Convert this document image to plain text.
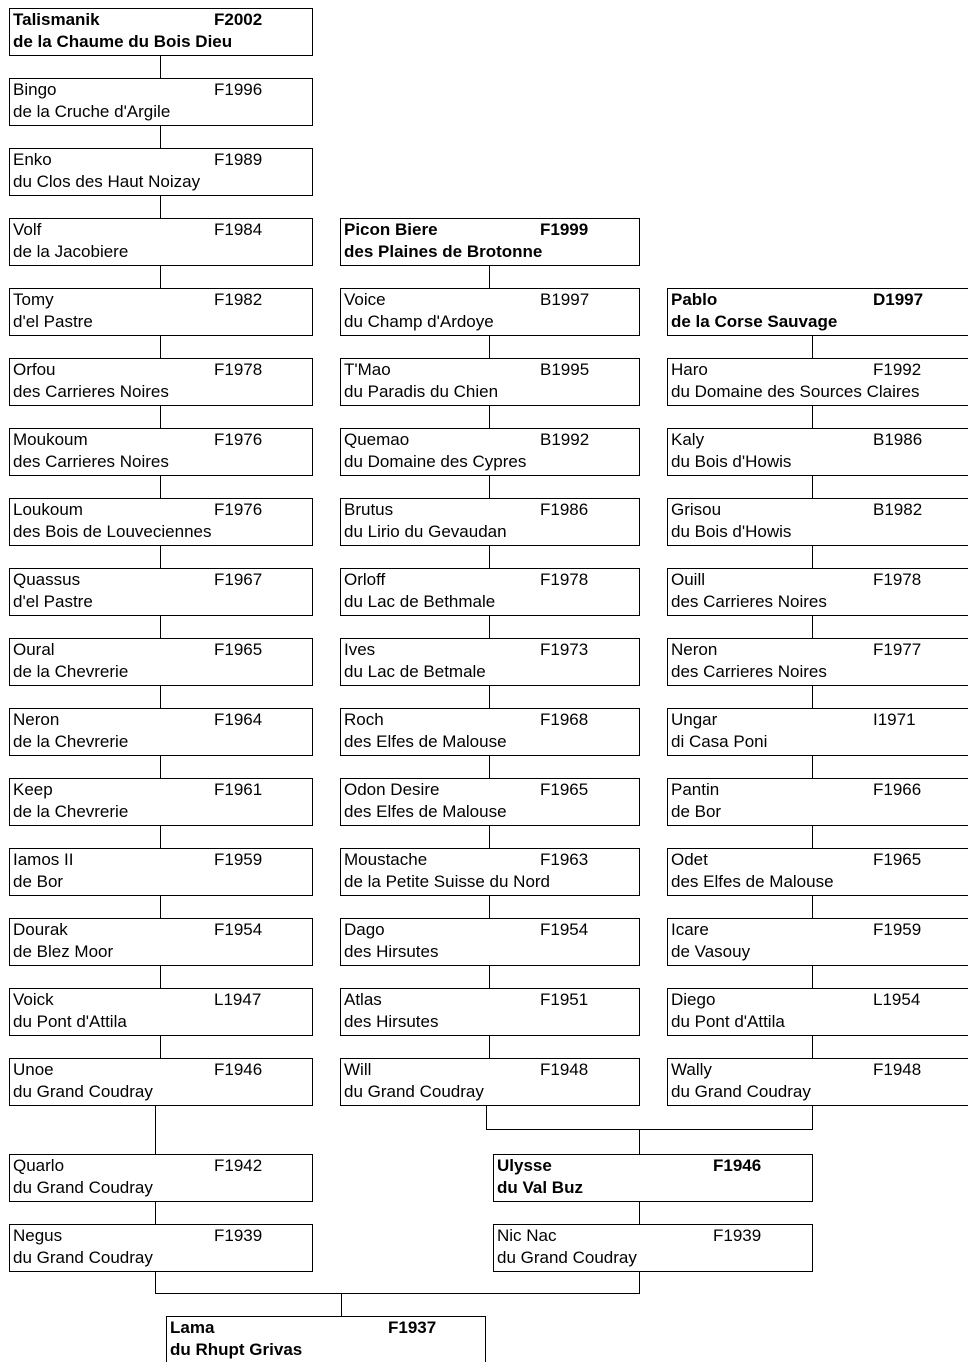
Talismanik	F2002
de la Chaume du Bois Dieu
Bingo	F1996
de la Cruche d'Argile
Enko	F1989
du Clos des Haut Noizay
Volf	F1984
de la Jacobiere
Tomy	F1982
d'el Pastre
Orfou	F1978
des Carrieres Noires
Moukoum	F1976
des Carrieres Noires
Loukoum	F1976
des Bois de Louveciennes
Quassus	F1967
d'el Pastre
Oural	F1965
de la Chevrerie
Neron	F1964
de la Chevrerie
Keep	F1961
de la Chevrerie
Iamos II	F1959
de Bor
Dourak	F1954
de Blez Moor
Voick	L1947
du Pont d'Attila
Unoe	F1946
du Grand Coudray
Picon Biere	F1999
des Plaines de Brotonne
Voice	B1997
du Champ d'Ardoye
T'Mao	B1995
du Paradis du Chien
Quemao	B1992
du Domaine des Cypres
Brutus	F1986
du Lirio du Gevaudan
Orloff	F1978
du Lac de Bethmale
Ives	F1973
du Lac de Betmale
Roch	F1968
des Elfes de Malouse
Odon Desire	F1965
des Elfes de Malouse
Moustache	F1963
de la Petite Suisse du Nord
Dago	F1954
des Hirsutes
Atlas	F1951
des Hirsutes
Will	F1948
du Grand Coudray
Pablo	D1997
de la Corse Sauvage
Haro	F1992
du Domaine des Sources Claires
Kaly	B1986
du Bois d'Howis
Grisou	B1982
du Bois d'Howis
Ouill	F1978
des Carrieres Noires
Neron	F1977
des Carrieres Noires
Ungar	I1971
di Casa Poni
Pantin	F1966
de Bor
Odet	F1965
des Elfes de Malouse
Icare	F1959
de Vasouy
Diego	L1954
du Pont d'Attila
Wally	F1948
du Grand Coudray
Quarlo	F1942
du Grand Coudray
Negus	F1939
du Grand Coudray
Ulysse	F1946
du Val Buz
Nic Nac	F1939
du Grand Coudray
Lama	F1937
du Rhupt Grivas
